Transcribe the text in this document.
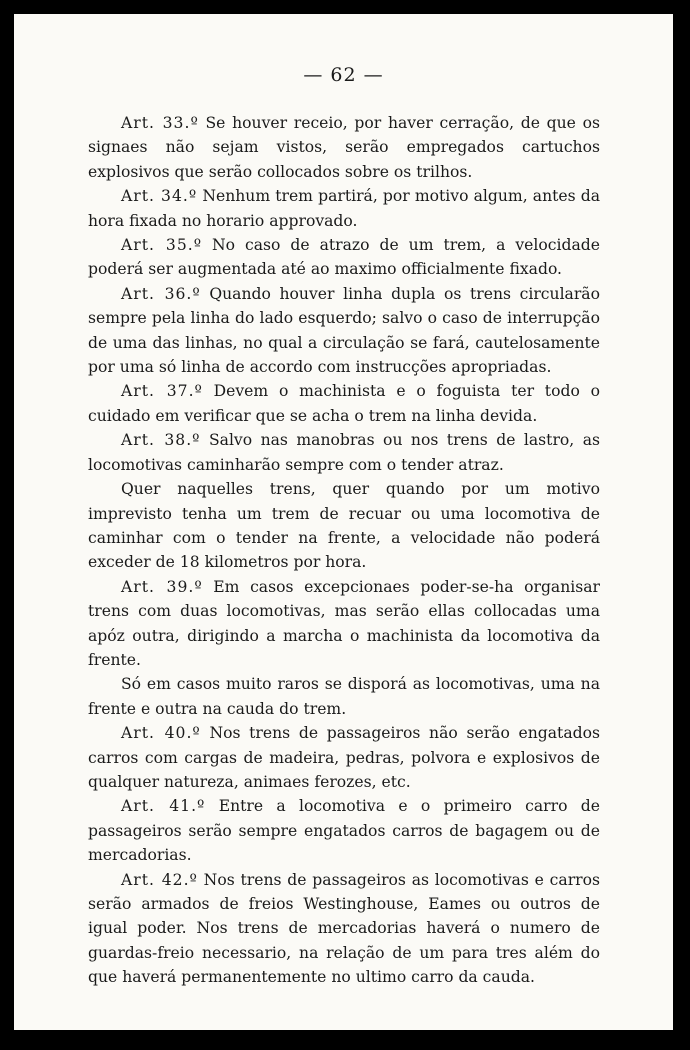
— 62 —

Art. 33.º Se houver receio, por haver cerração, de que os signaes não sejam vistos, serão empregados cartuchos explosivos que serão collocados sobre os trilhos.

Art. 34.º Nenhum trem partirá, por motivo algum, antes da hora fixada no horario approvado.

Art. 35.º No caso de atrazo de um trem, a velocidade poderá ser augmentada até ao maximo officialmente fixado.

Art. 36.º Quando houver linha dupla os trens circularão sempre pela linha do lado esquerdo; salvo o caso de interrupção de uma das linhas, no qual a circulação se fará, cautelosamente por uma só linha de accordo com instrucções apropriadas.

Art. 37.º Devem o machinista e o foguista ter todo o cuidado em verificar que se acha o trem na linha devida.

Art. 38.º Salvo nas manobras ou nos trens de lastro, as locomotivas caminharão sempre com o tender atraz.

Quer naquelles trens, quer quando por um motivo imprevisto tenha um trem de recuar ou uma locomotiva de caminhar com o tender na frente, a velocidade não poderá exceder de 18 kilometros por hora.

Art. 39.º Em casos excepcionaes poder-se-ha organisar trens com duas locomotivas, mas serão ellas collocadas uma apóz outra, dirigindo a marcha o machinista da locomotiva da frente.

Só em casos muito raros se disporá as locomotivas, uma na frente e outra na cauda do trem.

Art. 40.º Nos trens de passageiros não serão engatados carros com cargas de madeira, pedras, polvora e explosivos de qualquer natureza, animaes ferozes, etc.

Art. 41.º Entre a locomotiva e o primeiro carro de passageiros serão sempre engatados carros de bagagem ou de mercadorias.

Art. 42.º Nos trens de passageiros as locomotivas e carros serão armados de freios Westinghouse, Eames ou outros de igual poder. Nos trens de mercadorias haverá o numero de guardas-freio necessario, na relação de um para tres além do que haverá permanentemente no ultimo carro da cauda.
